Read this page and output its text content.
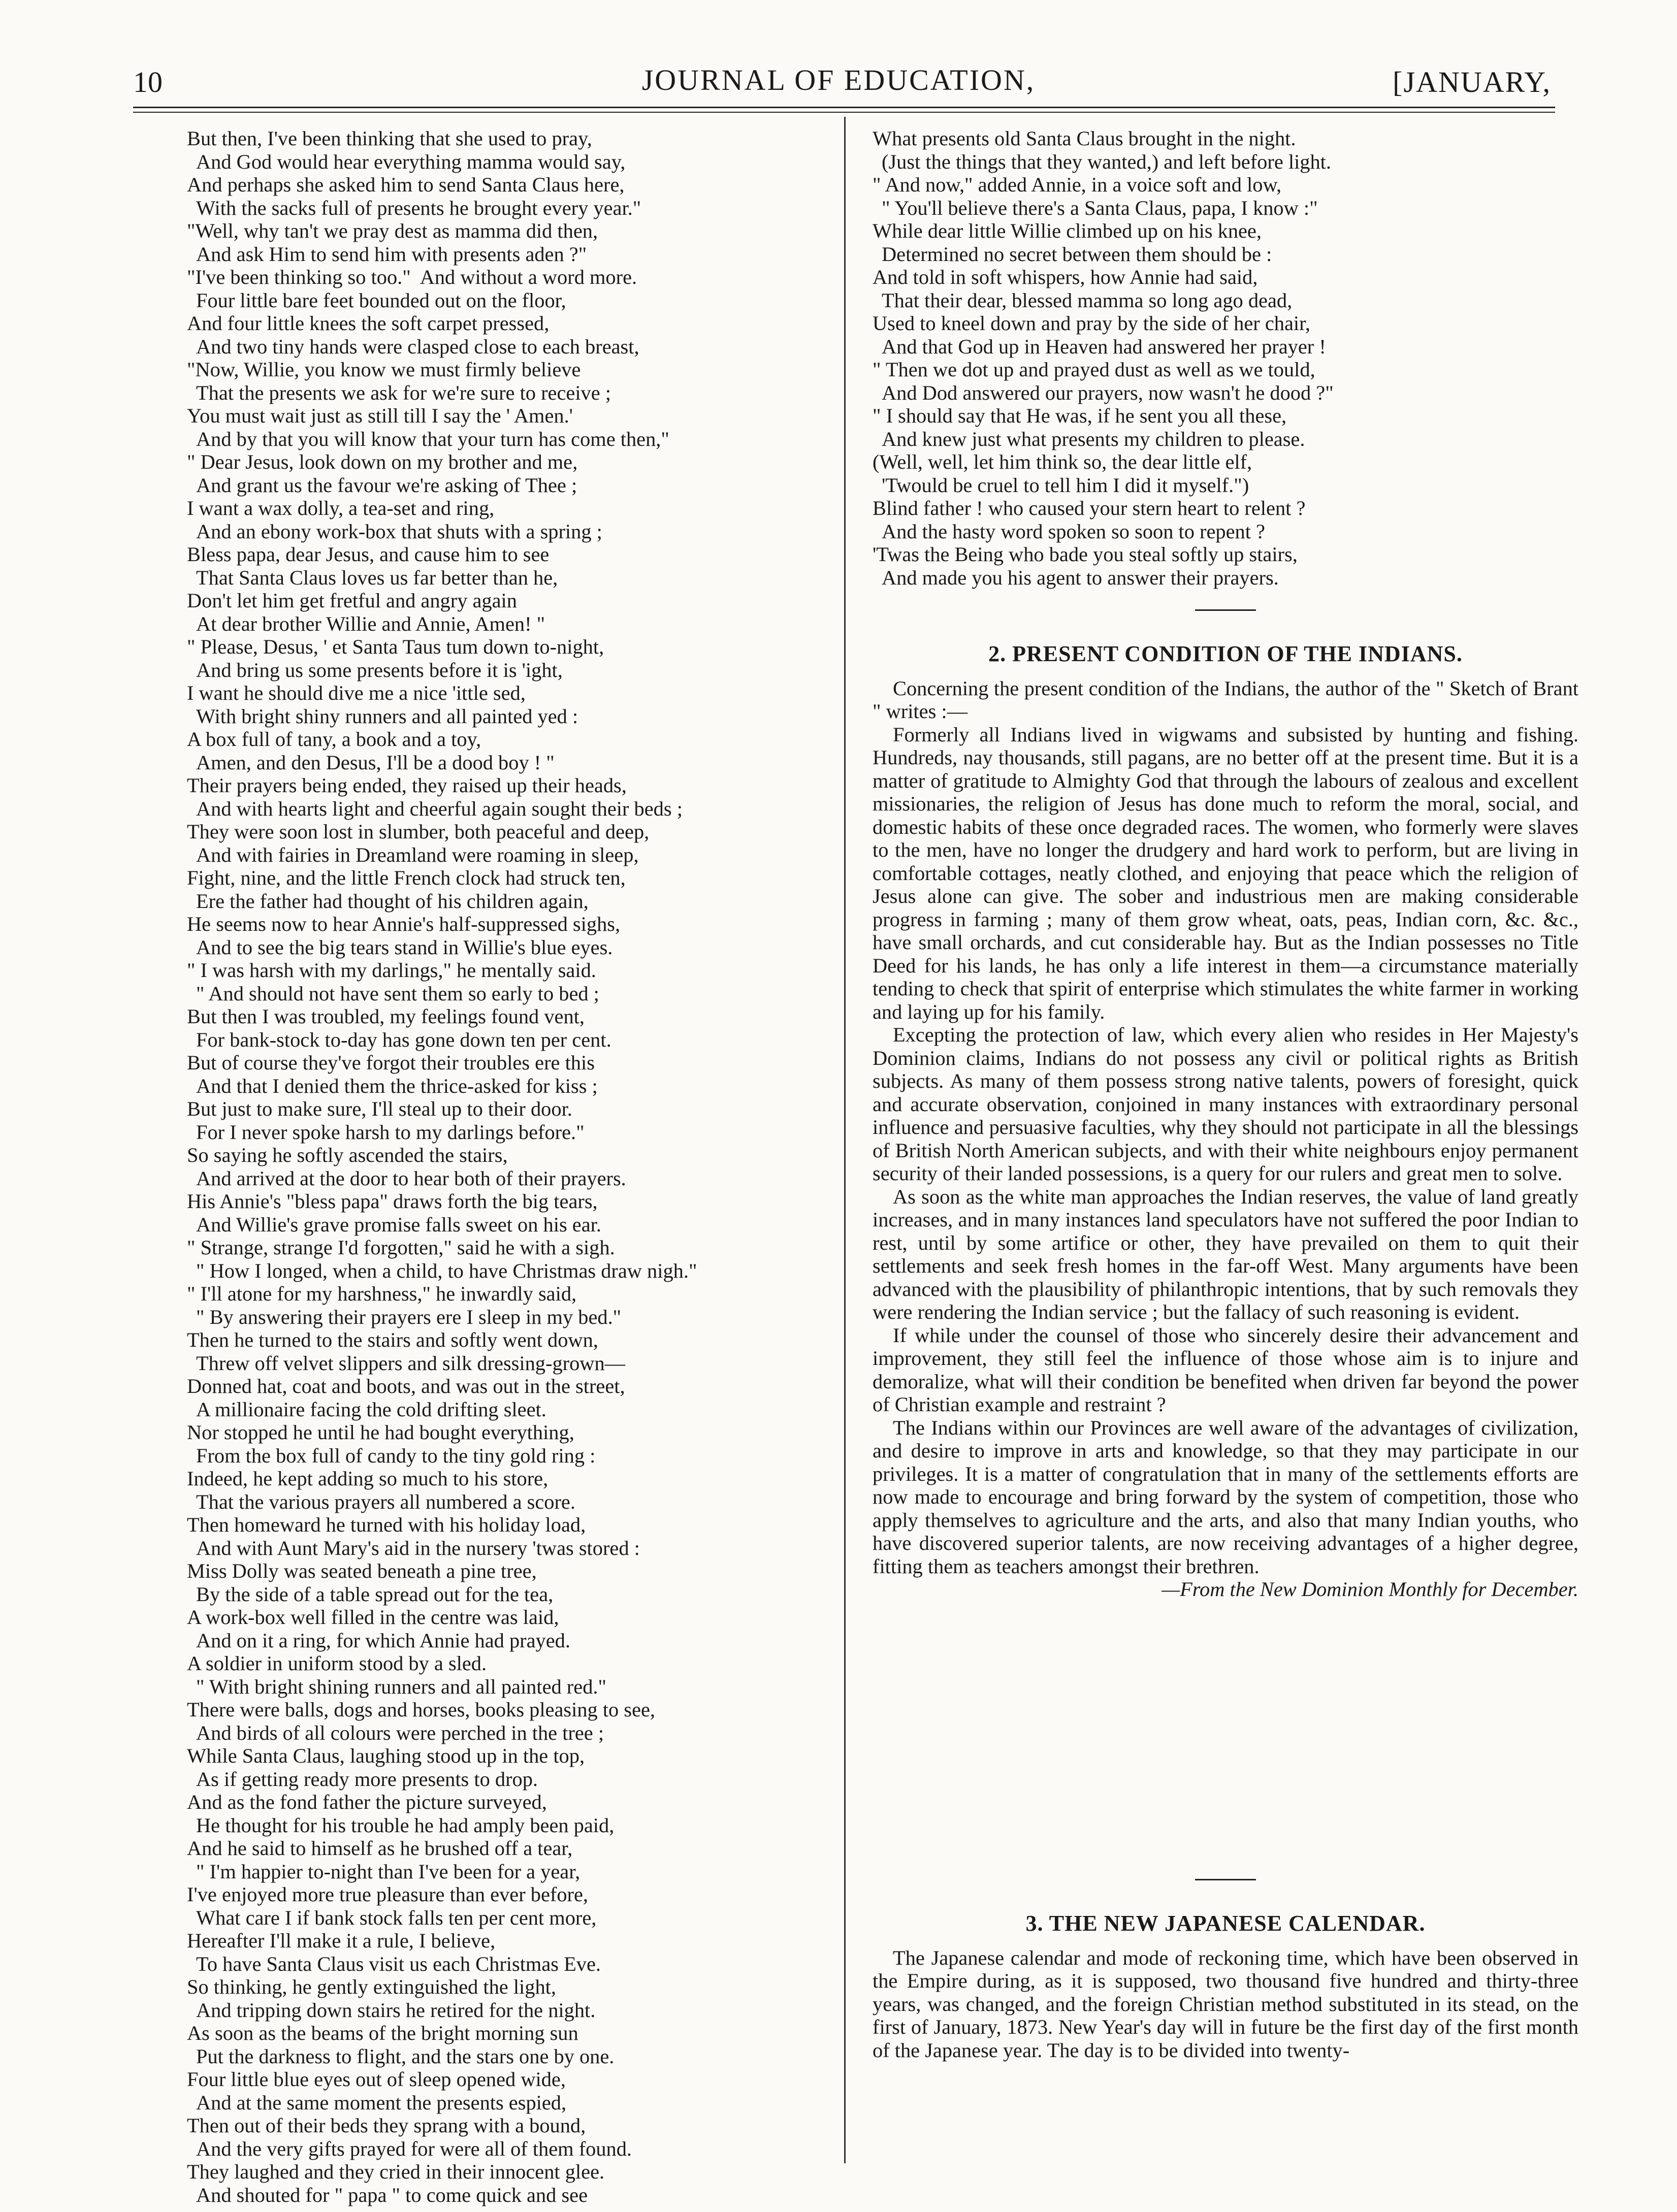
10	JOURNAL OF EDUCATION,	[JANUARY,
But then, I've been thinking that she used to pray,
And God would hear everything mamma would say,
And perhaps she asked him to send Santa Claus here,
With the sacks full of presents he brought every year."
"Well, why tan't we pray dest as mamma did then,
And ask Him to send him with presents aden ?"
"I've been thinking so too."  And without a word more.
Four little bare feet bounded out on the floor,
And four little knees the soft carpet pressed,
And two tiny hands were clasped close to each breast,
"Now, Willie, you know we must firmly believe
That the presents we ask for we're sure to receive ;
You must wait just as still till I say the ' Amen.'
And by that you will know that your turn has come then,"
" Dear Jesus, look down on my brother and me,
And grant us the favour we're asking of Thee ;
I want a wax dolly, a tea-set and ring,
And an ebony work-box that shuts with a spring ;
Bless papa, dear Jesus, and cause him to see
That Santa Claus loves us far better than he,
Don't let him get fretful and angry again
At dear brother Willie and Annie, Amen! "
" Please, Desus, ' et Santa Taus tum down to-night,
And bring us some presents before it is 'ight,
I want he should dive me a nice 'ittle sed,
With bright shiny runners and all painted yed :
A box full of tany, a book and a toy,
Amen, and den Desus, I'll be a dood boy ! "
Their prayers being ended, they raised up their heads,
And with hearts light and cheerful again sought their beds ;
They were soon lost in slumber, both peaceful and deep,
And with fairies in Dreamland were roaming in sleep,
Fight, nine, and the little French clock had struck ten,
Ere the father had thought of his children again,
He seems now to hear Annie's half-suppressed sighs,
And to see the big tears stand in Willie's blue eyes.
" I was harsh with my darlings," he mentally said.
" And should not have sent them so early to bed ;
But then I was troubled, my feelings found vent,
For bank-stock to-day has gone down ten per cent.
But of course they've forgot their troubles ere this
And that I denied them the thrice-asked for kiss ;
But just to make sure, I'll steal up to their door.
For I never spoke harsh to my darlings before."
So saying he softly ascended the stairs,
And arrived at the door to hear both of their prayers.
His Annie's "bless papa" draws forth the big tears,
And Willie's grave promise falls sweet on his ear.
" Strange, strange I'd forgotten," said he with a sigh.
" How I longed, when a child, to have Christmas draw nigh."
" I'll atone for my harshness," he inwardly said,
" By answering their prayers ere I sleep in my bed."
Then he turned to the stairs and softly went down,
Threw off velvet slippers and silk dressing-grown—
Donned hat, coat and boots, and was out in the street,
A millionaire facing the cold drifting sleet.
Nor stopped he until he had bought everything,
From the box full of candy to the tiny gold ring :
Indeed, he kept adding so much to his store,
That the various prayers all numbered a score.
Then homeward he turned with his holiday load,
And with Aunt Mary's aid in the nursery 'twas stored :
Miss Dolly was seated beneath a pine tree,
By the side of a table spread out for the tea,
A work-box well filled in the centre was laid,
And on it a ring, for which Annie had prayed.
A soldier in uniform stood by a sled.
" With bright shining runners and all painted red."
There were balls, dogs and horses, books pleasing to see,
And birds of all colours were perched in the tree ;
While Santa Claus, laughing stood up in the top,
As if getting ready more presents to drop.
And as the fond father the picture surveyed,
He thought for his trouble he had amply been paid,
And he said to himself as he brushed off a tear,
" I'm happier to-night than I've been for a year,
I've enjoyed more true pleasure than ever before,
What care I if bank stock falls ten per cent more,
Hereafter I'll make it a rule, I believe,
To have Santa Claus visit us each Christmas Eve.
So thinking, he gently extinguished the light,
And tripping down stairs he retired for the night.
As soon as the beams of the bright morning sun
Put the darkness to flight, and the stars one by one.
Four little blue eyes out of sleep opened wide,
And at the same moment the presents espied,
Then out of their beds they sprang with a bound,
And the very gifts prayed for were all of them found.
They laughed and they cried in their innocent glee.
And shouted for " papa " to come quick and see
What presents old Santa Claus brought in the night.
(Just the things that they wanted,) and left before light.
" And now," added Annie, in a voice soft and low,
" You'll believe there's a Santa Claus, papa, I know :"
While dear little Willie climbed up on his knee,
Determined no secret between them should be :
And told in soft whispers, how Annie had said,
That their dear, blessed mamma so long ago dead,
Used to kneel down and pray by the side of her chair,
And that God up in Heaven had answered her prayer !
" Then we dot up and prayed dust as well as we tould,
And Dod answered our prayers, now wasn't he dood ?"
" I should say that He was, if he sent you all these,
And knew just what presents my children to please.
(Well, well, let him think so, the dear little elf,
'Twould be cruel to tell him I did it myself.")
Blind father ! who caused your stern heart to relent ?
And the hasty word spoken so soon to repent ?
'Twas the Being who bade you steal softly up stairs,
And made you his agent to answer their prayers.
2. PRESENT CONDITION OF THE INDIANS.

Concerning the present condition of the Indians, the author of the " Sketch of Brant " writes :—

Formerly all Indians lived in wigwams and subsisted by hunting and fishing. Hundreds, nay thousands, still pagans, are no better off at the present time. But it is a matter of gratitude to Almighty God that through the labours of zealous and excellent missionaries, the religion of Jesus has done much to reform the moral, social, and domestic habits of these once degraded races. The women, who formerly were slaves to the men, have no longer the drudgery and hard work to perform, but are living in comfortable cottages, neatly clothed, and enjoying that peace which the religion of Jesus alone can give. The sober and industrious men are making considerable progress in farming ; many of them grow wheat, oats, peas, Indian corn, &c. &c., have small orchards, and cut considerable hay. But as the Indian possesses no Title Deed for his lands, he has only a life interest in them—a circumstance materially tending to check that spirit of enterprise which stimulates the white farmer in working and laying up for his family.

Excepting the protection of law, which every alien who resides in Her Majesty's Dominion claims, Indians do not possess any civil or political rights as British subjects. As many of them possess strong native talents, powers of foresight, quick and accurate observation, conjoined in many instances with extraordinary personal influence and persuasive faculties, why they should not participate in all the blessings of British North American subjects, and with their white neighbours enjoy permanent security of their landed possessions, is a query for our rulers and great men to solve.

As soon as the white man approaches the Indian reserves, the value of land greatly increases, and in many instances land speculators have not suffered the poor Indian to rest, until by some artifice or other, they have prevailed on them to quit their settlements and seek fresh homes in the far-off West. Many arguments have been advanced with the plausibility of philanthropic intentions, that by such removals they were rendering the Indian service ; but the fallacy of such reasoning is evident.

If while under the counsel of those who sincerely desire their advancement and improvement, they still feel the influence of those whose aim is to injure and demoralize, what will their condition be benefited when driven far beyond the power of Christian example and restraint ?

The Indians within our Provinces are well aware of the advantages of civilization, and desire to improve in arts and knowledge, so that they may participate in our privileges. It is a matter of congratulation that in many of the settlements efforts are now made to encourage and bring forward by the system of competition, those who apply themselves to agriculture and the arts, and also that many Indian youths, who have discovered superior talents, are now receiving advantages of a higher degree, fitting them as teachers amongst their brethren.

—From the New Dominion Monthly for December.

3. THE NEW JAPANESE CALENDAR.

The Japanese calendar and mode of reckoning time, which have been observed in the Empire during, as it is supposed, two thousand five hundred and thirty-three years, was changed, and the foreign Christian method substituted in its stead, on the first of January, 1873. New Year's day will in future be the first day of the first month of the Japanese year. The day is to be divided into twenty-
